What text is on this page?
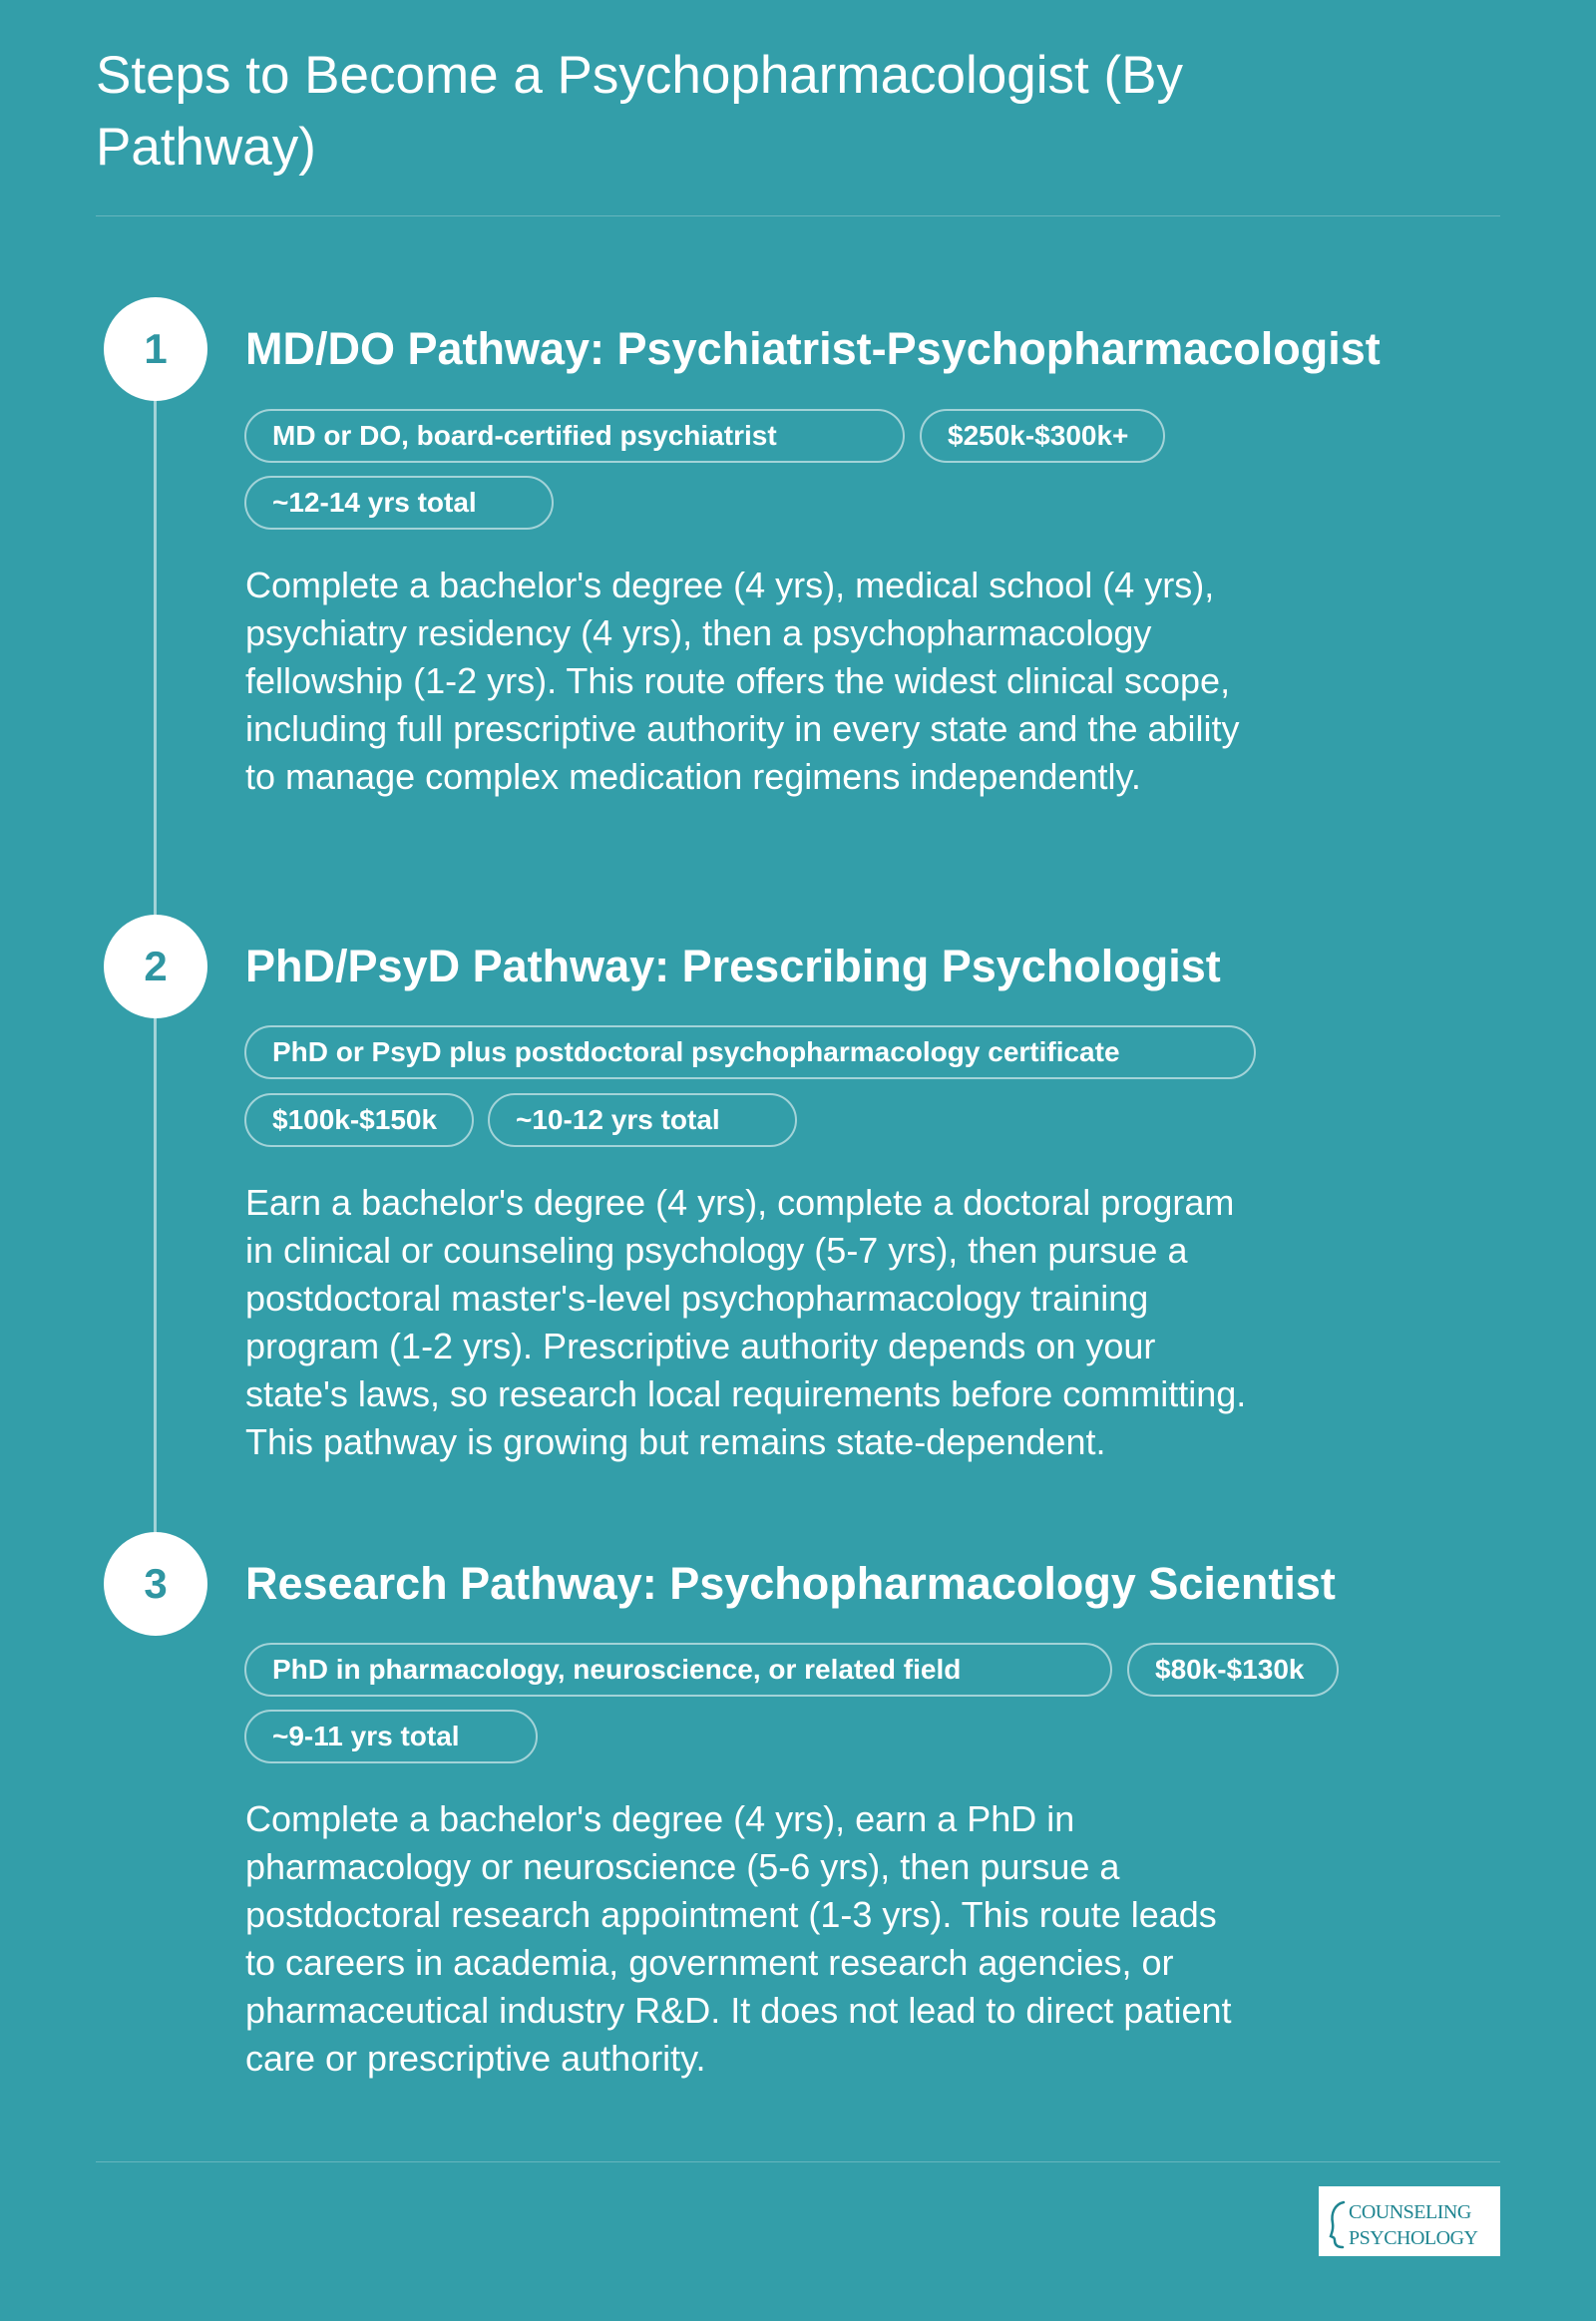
Steps to Become a Psychopharmacologist (By Pathway)
1	MD/DO Pathway: Psychiatrist-Psychopharmacologist
MD or DO, board-certified psychiatrist	$250k-$300k+
~12-14 yrs total

Complete a bachelor's degree (4 yrs), medical school (4 yrs), psychiatry residency (4 yrs), then a psychopharmacology fellowship (1-2 yrs). This route offers the widest clinical scope, including full prescriptive authority in every state and the ability to manage complex medication regimens independently.

2	PhD/PsyD Pathway: Prescribing Psychologist
PhD or PsyD plus postdoctoral psychopharmacology certificate
$100k-$150k	~10-12 yrs total

Earn a bachelor's degree (4 yrs), complete a doctoral program in clinical or counseling psychology (5-7 yrs), then pursue a postdoctoral master's-level psychopharmacology training program (1-2 yrs). Prescriptive authority depends on your state's laws, so research local requirements before committing. This pathway is growing but remains state-dependent.

3	Research Pathway: Psychopharmacology Scientist
PhD in pharmacology, neuroscience, or related field	$80k-$130k
~9-11 yrs total

Complete a bachelor's degree (4 yrs), earn a PhD in pharmacology or neuroscience (5-6 yrs), then pursue a postdoctoral research appointment (1-3 yrs). This route leads to careers in academia, government research agencies, or pharmaceutical industry R&D. It does not lead to direct patient care or prescriptive authority.

COUNSELING
PSYCHOLOGY
